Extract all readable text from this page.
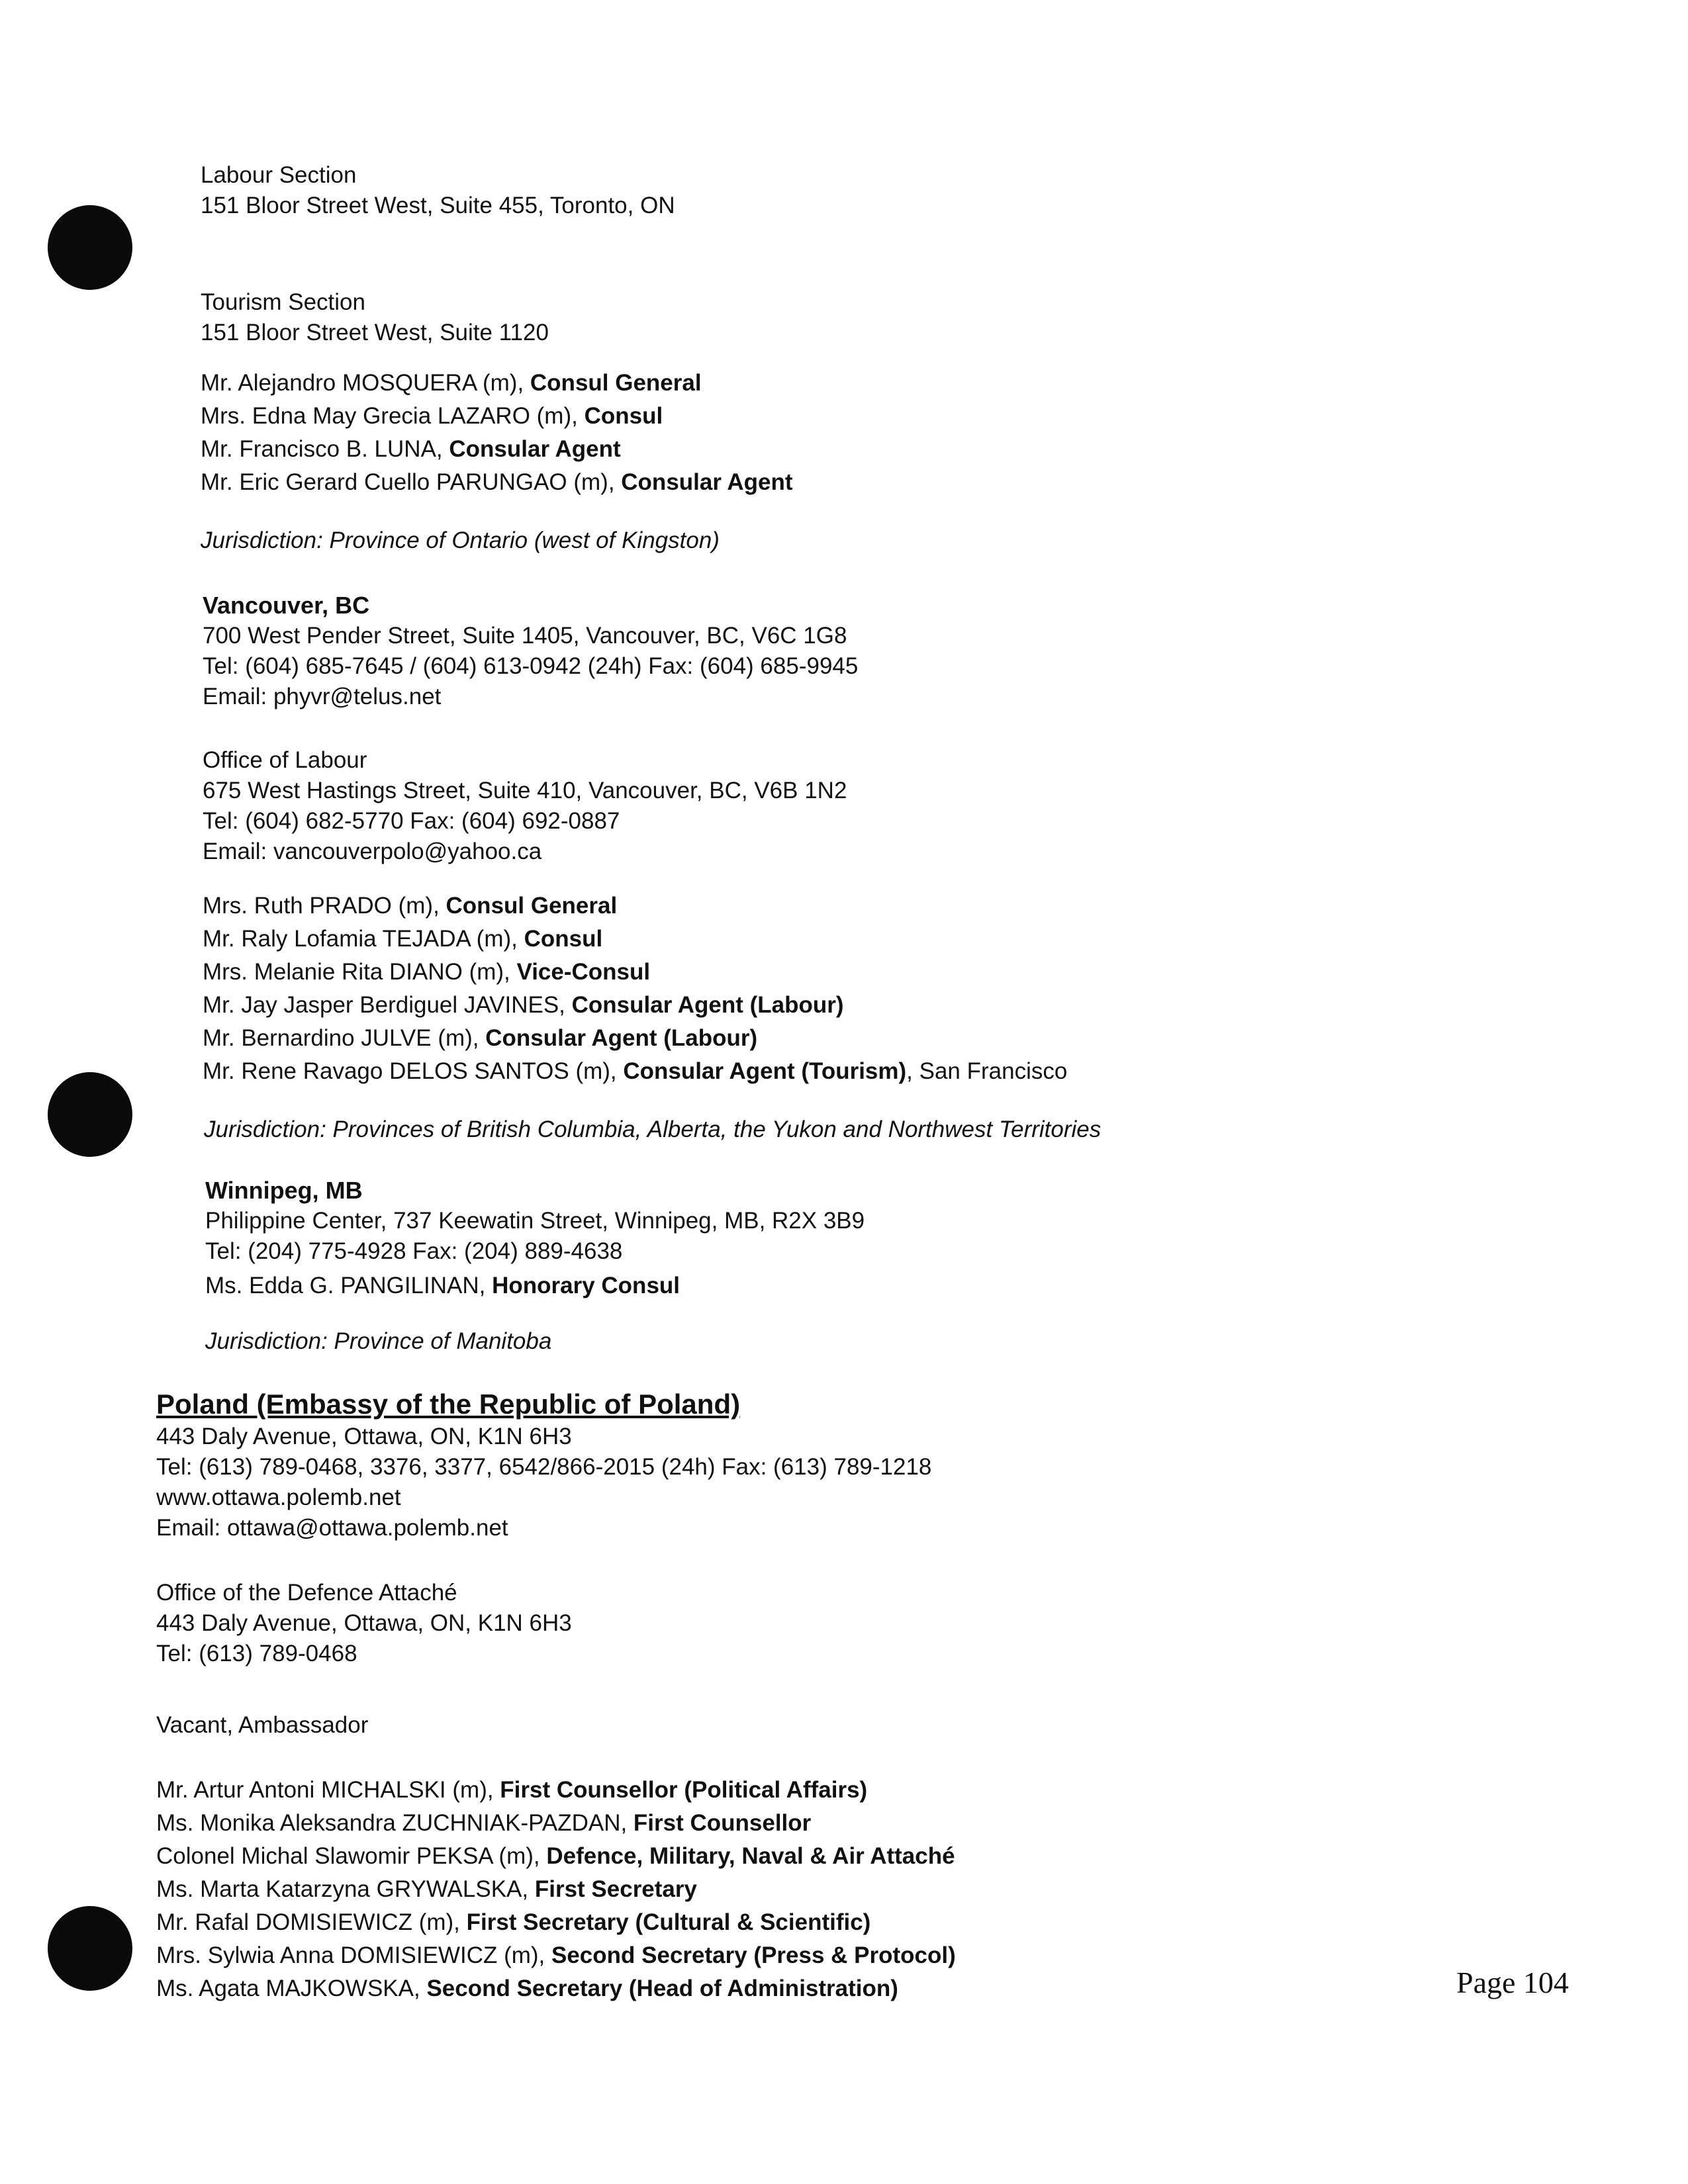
Labour Section
151 Bloor Street West, Suite 455, Toronto, ON
Tourism Section
151 Bloor Street West, Suite 1120
Mr. Alejandro MOSQUERA (m), Consul General
Mrs. Edna May Grecia LAZARO (m), Consul
Mr. Francisco B. LUNA, Consular Agent
Mr. Eric Gerard Cuello PARUNGAO (m), Consular Agent
Jurisdiction: Province of Ontario (west of Kingston)
Vancouver, BC
700 West Pender Street, Suite 1405, Vancouver, BC, V6C 1G8
Tel: (604) 685-7645 / (604) 613-0942 (24h) Fax: (604) 685-9945
Email: phyvr@telus.net
Office of Labour
675 West Hastings Street, Suite 410, Vancouver, BC, V6B 1N2
Tel: (604) 682-5770 Fax: (604) 692-0887
Email: vancouverpolo@yahoo.ca
Mrs. Ruth PRADO (m), Consul General
Mr. Raly Lofamia TEJADA (m), Consul
Mrs. Melanie Rita DIANO (m), Vice-Consul
Mr. Jay Jasper Berdiguel JAVINES, Consular Agent (Labour)
Mr. Bernardino JULVE (m), Consular Agent (Labour)
Mr. Rene Ravago DELOS SANTOS (m), Consular Agent (Tourism), San Francisco
Jurisdiction: Provinces of British Columbia, Alberta, the Yukon and Northwest Territories
Winnipeg, MB
Philippine Center, 737 Keewatin Street, Winnipeg, MB, R2X 3B9
Tel: (204) 775-4928 Fax: (204) 889-4638
Ms. Edda G. PANGILINAN, Honorary Consul
Jurisdiction: Province of Manitoba
Poland (Embassy of the Republic of Poland)
443 Daly Avenue, Ottawa, ON, K1N 6H3
Tel: (613) 789-0468, 3376, 3377, 6542/866-2015 (24h) Fax: (613) 789-1218
www.ottawa.polemb.net
Email: ottawa@ottawa.polemb.net
Office of the Defence Attaché
443 Daly Avenue, Ottawa, ON, K1N 6H3
Tel: (613) 789-0468
Vacant, Ambassador
Mr. Artur Antoni MICHALSKI (m), First Counsellor (Political Affairs)
Ms. Monika Aleksandra ZUCHNIAK-PAZDAN, First Counsellor
Colonel Michal Slawomir PEKSA (m), Defence, Military, Naval & Air Attaché
Ms. Marta Katarzyna GRYWALSKA, First Secretary
Mr. Rafal DOMISIEWICZ (m), First Secretary (Cultural & Scientific)
Mrs. Sylwia Anna DOMISIEWICZ (m), Second Secretary (Press & Protocol)
Ms. Agata MAJKOWSKA, Second Secretary (Head of Administration)	Page 104
